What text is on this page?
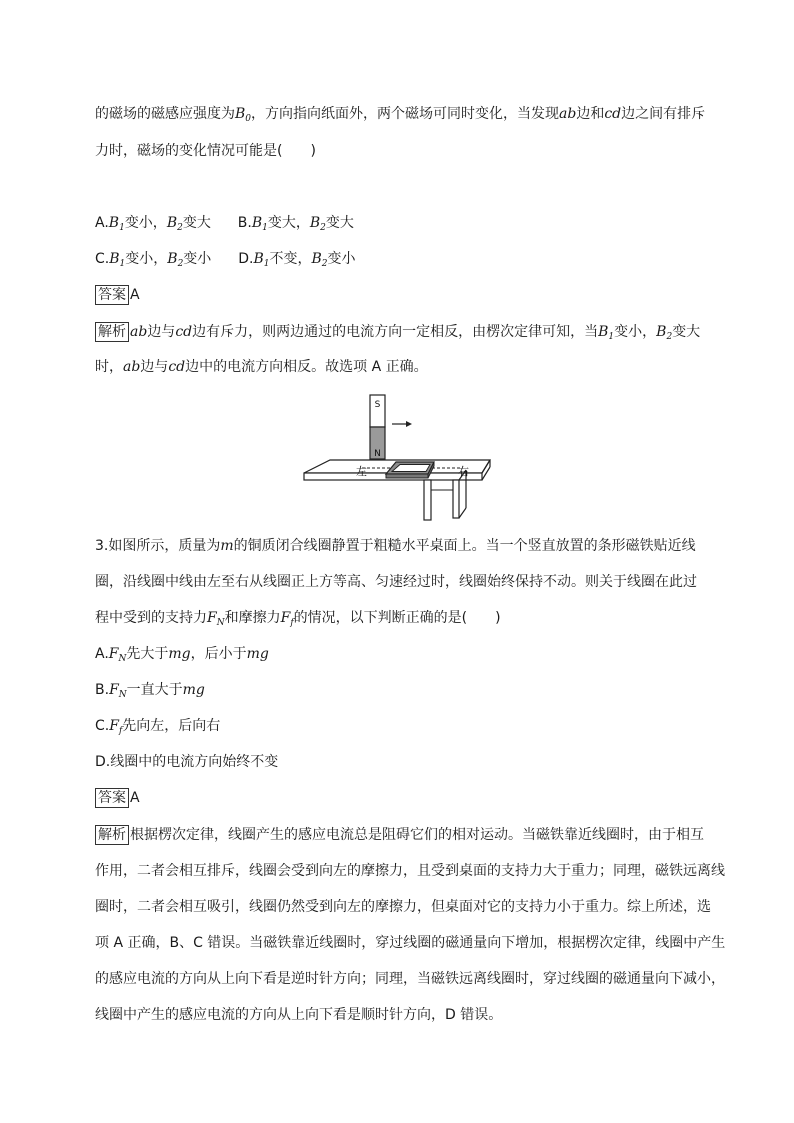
的磁场的磁感应强度为$B_0$，方向指向纸面外，两个磁场可同时变化，当发现ab边和cd边之间有排斥
力时，磁场的变化情况可能是(　　)
$A.B_1$变小，$B_2$变大 $B.B_1$变大，$B_2$变大
$C.B_1$变小，$B_2$变小 $D.B_1$不变，$B_2$变小
答案 A
解析 ab边与cd边有斥力，则两边通过的电流方向一定相反，由楞次定律可知，当$B_1$变小，$B_2$变大
时，ab边与cd边中的电流方向相反。故选项 A 正确。
S
N
左	右
3.如图所示，质量为m的铜质闭合线圈静置于粗糙水平桌面上。当一个竖直放置的条形磁铁贴近线
圈，沿线圈中线由左至右从线圈正上方等高、匀速经过时，线圈始终保持不动。则关于线圈在此过
程中受到的支持力$F_N$和摩擦力$F_f$的情况，以下判断正确的是(　　)
$A.F_N$先大于mg，后小于mg
$B.F_N$一直大于mg
$C.F_f$先向左，后向右
D.线圈中的电流方向始终不变
答案 A
解析 根据楞次定律，线圈产生的感应电流总是阻碍它们的相对运动。当磁铁靠近线圈时，由于相互
作用，二者会相互排斥，线圈会受到向左的摩擦力，且受到桌面的支持力大于重力；同理，磁铁远离线
圈时，二者会相互吸引，线圈仍然受到向左的摩擦力，但桌面对它的支持力小于重力。综上所述，选
项 A 正确，B、C 错误。当磁铁靠近线圈时，穿过线圈的磁通量向下增加，根据楞次定律，线圈中产生
的感应电流的方向从上向下看是逆时针方向；同理，当磁铁远离线圈时，穿过线圈的磁通量向下减小，
线圈中产生的感应电流的方向从上向下看是顺时针方向，D 错误。
